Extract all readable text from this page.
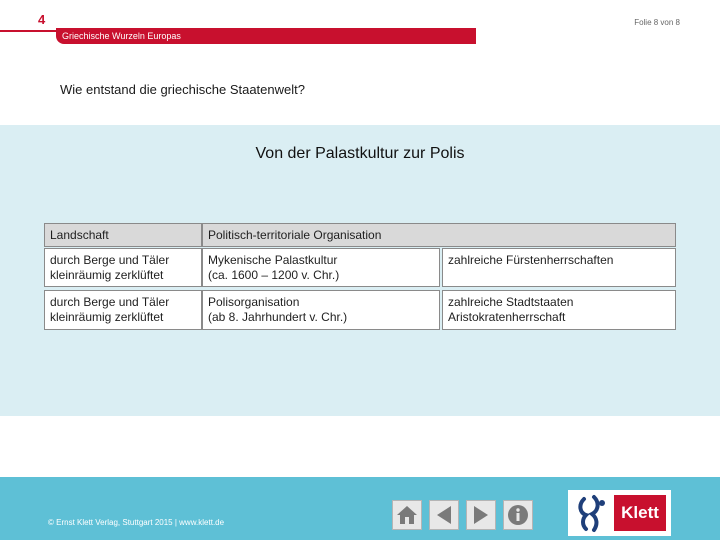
4	Folie 8 von 8
Griechische Wurzeln Europas
Wie entstand die griechische Staatenwelt?
Von der Palastkultur zur Polis
Landschaft	Politisch-territoriale Organisation
durch Berge und Täler
kleinräumig zerklüftet
Mykenische Palastkultur
(ca. 1600 – 1200 v. Chr.)
zahlreiche Fürstenherrschaften
durch Berge und Täler
kleinräumig zerklüftet
Polisorganisation
(ab 8. Jahrhundert v. Chr.)
zahlreiche Stadtstaaten
Aristokratenherrschaft
© Ernst Klett Verlag, Stuttgart 2015 | www.klett.de
Klett
